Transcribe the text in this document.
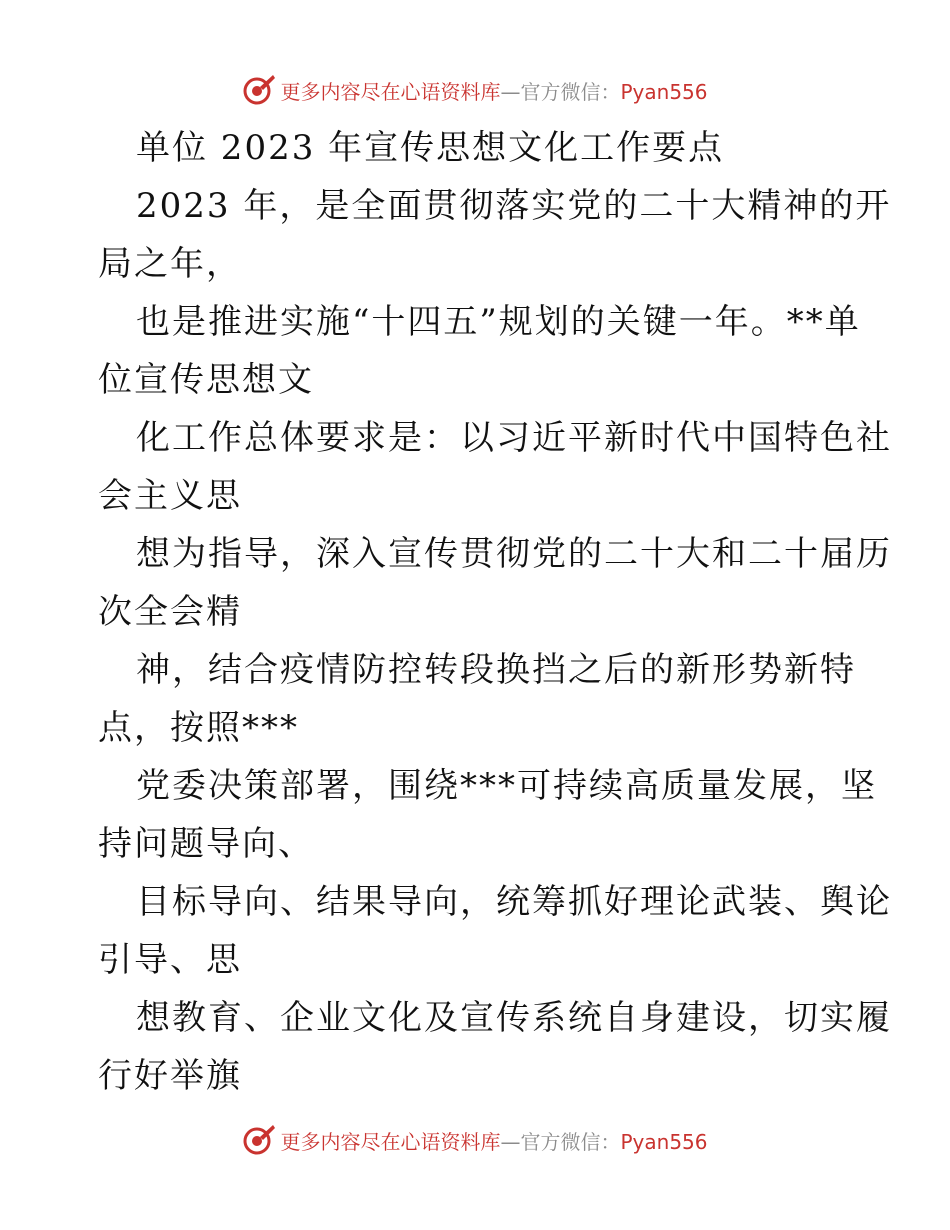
更多内容尽在心语资料库—官方微信：Pyan556
单位 2023 年宣传思想文化工作要点
2023 年，是全面贯彻落实党的二十大精神的开
局之年，
也是推进实施“十四五”规划的关键一年。**单
位宣传思想文
化工作总体要求是：以习近平新时代中国特色社
会主义思
想为指导，深入宣传贯彻党的二十大和二十届历
次全会精
神，结合疫情防控转段换挡之后的新形势新特
点，按照***
党委决策部署，围绕***可持续高质量发展，坚
持问题导向、
目标导向、结果导向，统筹抓好理论武装、舆论
引导、思
想教育、企业文化及宣传系统自身建设，切实履
行好举旗
更多内容尽在心语资料库—官方微信：Pyan556
